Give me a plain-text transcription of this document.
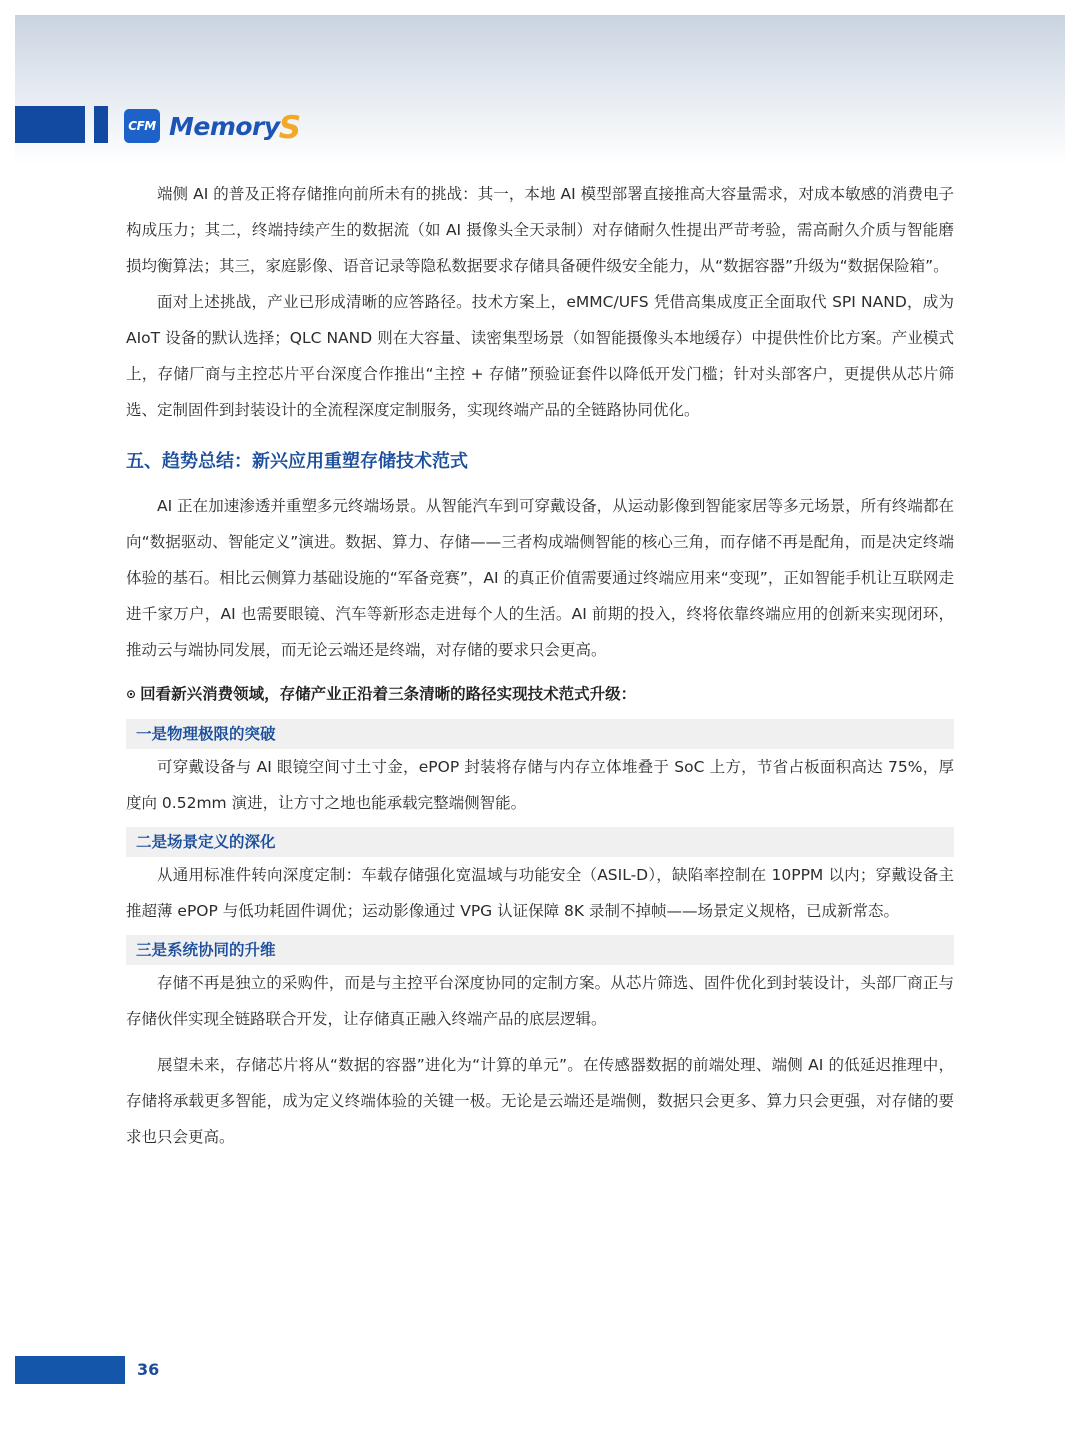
CFM Memory S

端侧 AI 的普及正将存储推向前所未有的挑战：其一，本地 AI 模型部署直接推高大容量需求，对成本敏感的消费电子构成压力；其二，终端持续产生的数据流（如 AI 摄像头全天录制）对存储耐久性提出严苛考验，需高耐久介质与智能磨损均衡算法；其三，家庭影像、语音记录等隐私数据要求存储具备硬件级安全能力，从“数据容器”升级为“数据保险箱”。

面对上述挑战，产业已形成清晰的应答路径。技术方案上，eMMC/UFS 凭借高集成度正全面取代 SPI NAND，成为 AIoT 设备的默认选择；QLC NAND 则在大容量、读密集型场景（如智能摄像头本地缓存）中提供性价比方案。产业模式上，存储厂商与主控芯片平台深度合作推出“主控 + 存储”预验证套件以降低开发门槛；针对头部客户，更提供从芯片筛选、定制固件到封装设计的全流程深度定制服务，实现终端产品的全链路协同优化。

五、趋势总结：新兴应用重塑存储技术范式

AI 正在加速渗透并重塑多元终端场景。从智能汽车到可穿戴设备，从运动影像到智能家居等多元场景，所有终端都在向“数据驱动、智能定义”演进。数据、算力、存储——三者构成端侧智能的核心三角，而存储不再是配角，而是决定终端体验的基石。相比云侧算力基础设施的“军备竞赛”，AI 的真正价值需要通过终端应用来“变现”，正如智能手机让互联网走进千家万户，AI 也需要眼镜、汽车等新形态走进每个人的生活。AI 前期的投入，终将依靠终端应用的创新来实现闭环，推动云与端协同发展，而无论云端还是终端，对存储的要求只会更高。

⊙ 回看新兴消费领域，存储产业正沿着三条清晰的路径实现技术范式升级：
一是物理极限的突破

可穿戴设备与 AI 眼镜空间寸土寸金，ePOP 封装将存储与内存立体堆叠于 SoC 上方，节省占板面积高达 75%，厚度向 0.52mm 演进，让方寸之地也能承载完整端侧智能。

二是场景定义的深化

从通用标准件转向深度定制：车载存储强化宽温域与功能安全（ASIL-D），缺陷率控制在 10PPM 以内；穿戴设备主推超薄 ePOP 与低功耗固件调优；运动影像通过 VPG 认证保障 8K 录制不掉帧——场景定义规格，已成新常态。

三是系统协同的升维

存储不再是独立的采购件，而是与主控平台深度协同的定制方案。从芯片筛选、固件优化到封装设计，头部厂商正与存储伙伴实现全链路联合开发，让存储真正融入终端产品的底层逻辑。

展望未来，存储芯片将从“数据的容器”进化为“计算的单元”。在传感器数据的前端处理、端侧 AI 的低延迟推理中，存储将承载更多智能，成为定义终端体验的关键一极。无论是云端还是端侧，数据只会更多、算力只会更强，对存储的要求也只会更高。

36
